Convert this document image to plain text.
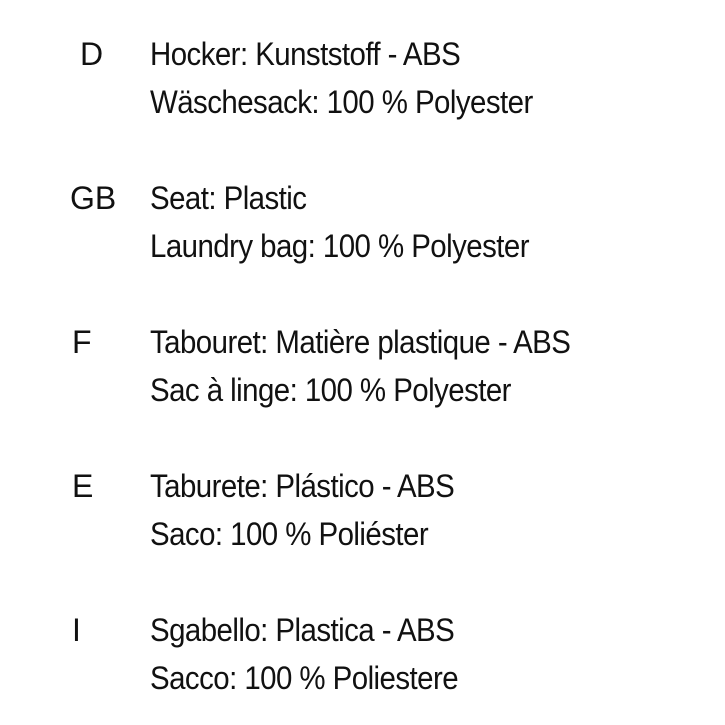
D Hocker: Kunststoff - ABS
Wäschesack: 100 % Polyester
GB Seat: Plastic
Laundry bag: 100 % Polyester
F Tabouret: Matière plastique - ABS
Sac à linge: 100 % Polyester
E Taburete: Plástico - ABS
Saco: 100 % Poliéster
I Sgabello: Plastica - ABS
Sacco: 100 % Poliestere
